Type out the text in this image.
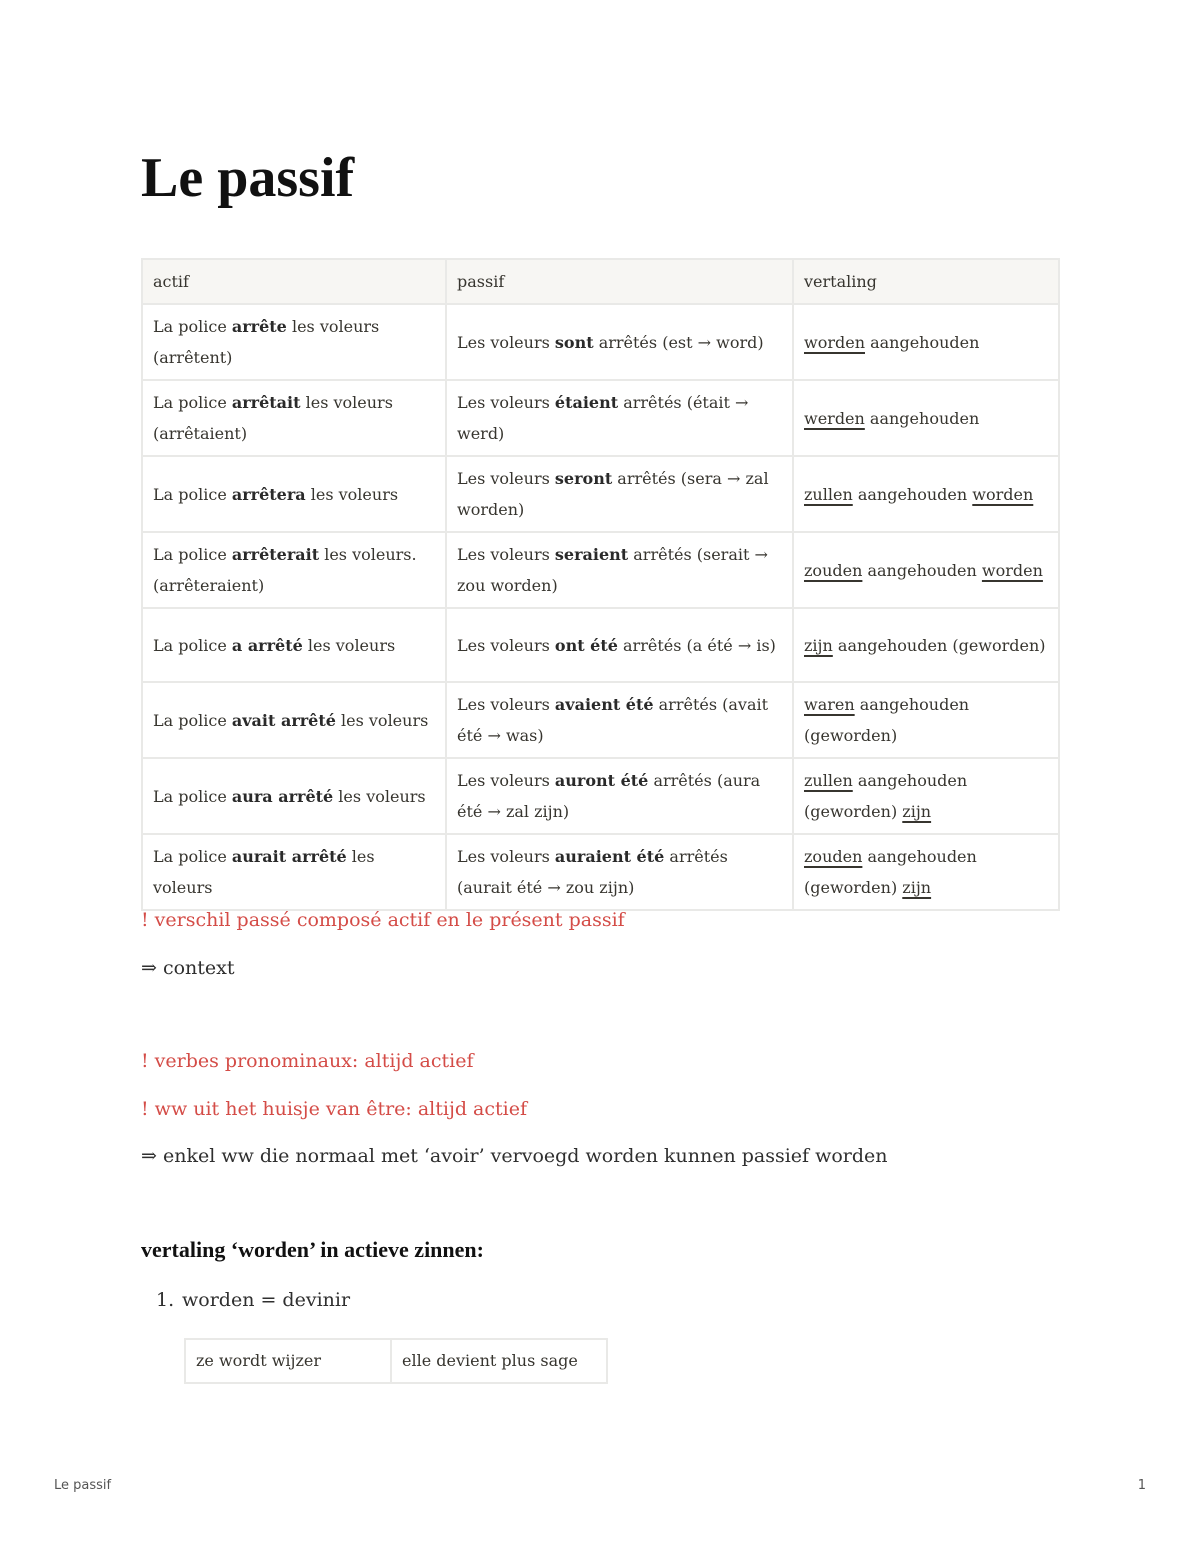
Le passif
actif	passif	vertaling
La police arrête les voleurs (arrêtent)	Les voleurs sont arrêtés (est → word)	worden aangehouden
La police arrêtait les voleurs (arrêtaient)	Les voleurs étaient arrêtés (était → werd)	werden aangehouden
La police arrêtera les voleurs	Les voleurs seront arrêtés (sera → zal worden)	zullen aangehouden worden
La police arrêterait les voleurs. (arrêteraient)	Les voleurs seraient arrêtés (serait → zou worden)	zouden aangehouden worden
La police a arrêté les voleurs	Les voleurs ont été arrêtés (a été → is)	zijn aangehouden (geworden)
La police avait arrêté les voleurs	Les voleurs avaient été arrêtés (avait été → was)	waren aangehouden (geworden)
La police aura arrêté les voleurs	Les voleurs auront été arrêtés (aura été → zal zijn)	zullen aangehouden (geworden) zijn
La police aurait arrêté les voleurs	Les voleurs auraient été arrêtés (aurait été → zou zijn)	zouden aangehouden (geworden) zijn

! verschil passé composé actif en le présent passif

⇒ context

! verbes pronominaux: altijd actief

! ww uit het huisje van être: altijd actief

⇒ enkel ww die normaal met ‘avoir’ vervoegd worden kunnen passief worden

vertaling ‘worden’ in actieve zinnen:
1. worden = devinir
ze wordt wijzer	elle devient plus sage
Le passif	1
